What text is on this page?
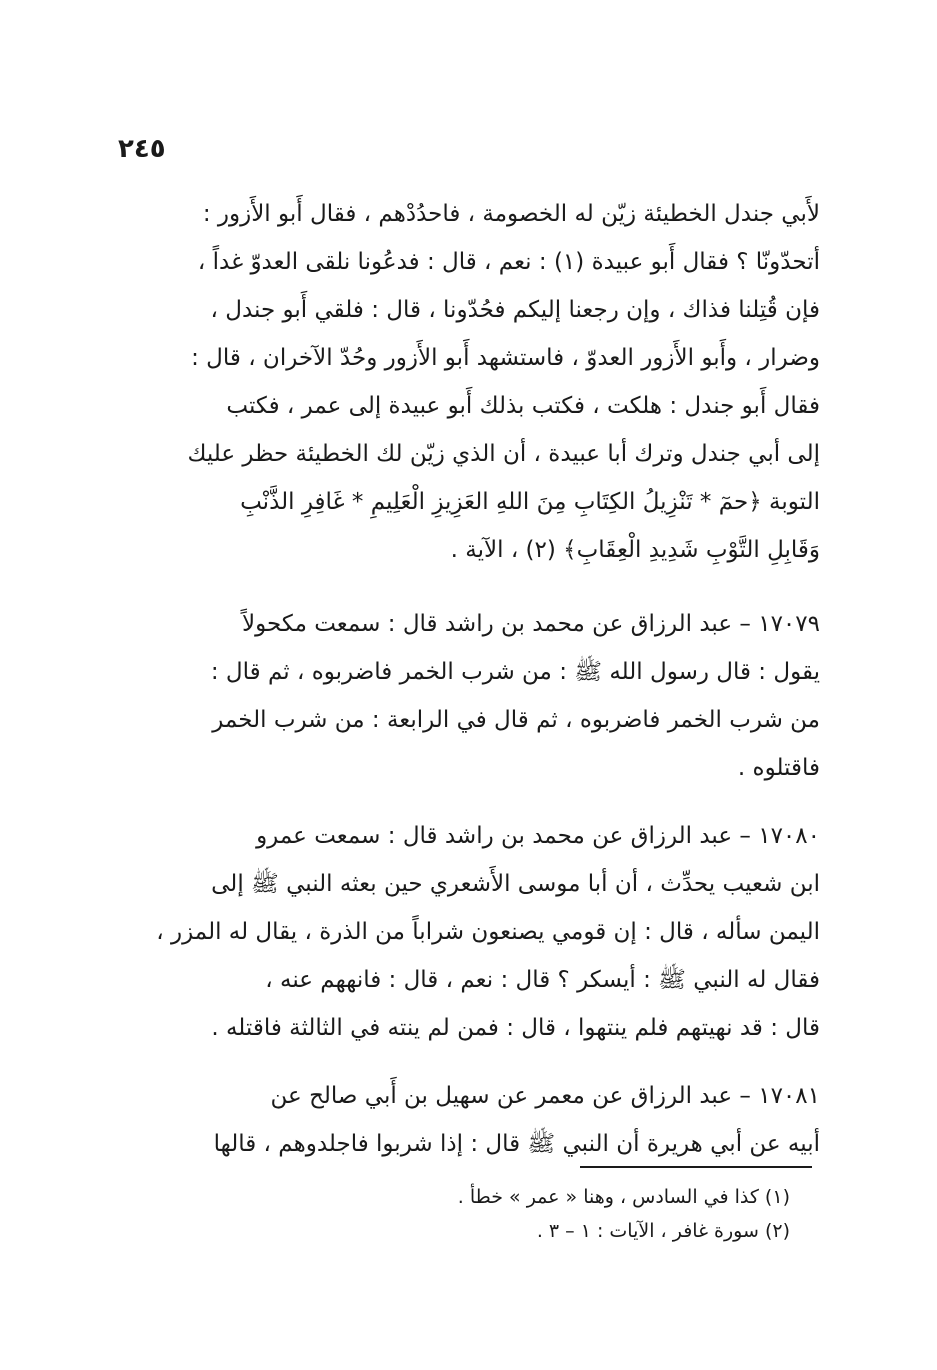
٢٤٥
لأَبي جندل الخطيئة زيّن له الخصومة ، فاحدُدْهم ، فقال أَبو الأَزور :
أتحدّونّا ؟ فقال أَبو عبيدة (١) : نعم ، قال : فدعُونا نلقى العدوّ غداً ،
فإن قُتِلنا فذاك ، وإن رجعنا إليكم فحُدّونا ، قال : فلقي أَبو جندل ،
وضرار ، وأَبو الأَزور العدوّ ، فاستشهد أَبو الأَزور وحُدّ الآخران ، قال :
فقال أَبو جندل : هلكت ، فكتب بذلك أَبو عبيدة إلى عمر ، فكتب
إلى أبي جندل وترك أبا عبيدة ، أن الذي زيّن لك الخطيئة حظر عليك
التوبة ﴿حمٓ * تَنْزِيلُ الكِتَابِ مِنَ اللهِ العَزِيزِ الْعَلِيمِ * غَافِرِ الذَّنْبِ
وَقَابِلِ التَّوْبِ شَدِيدِ الْعِقَابِ﴾ (٢) ، الآية .
١٧٠٧٩ – عبد الرزاق عن محمد بن راشد قال : سمعت مكحولاً
يقول : قال رسول الله ﷺ : من شرب الخمر فاضربوه ، ثم قال :
من شرب الخمر فاضربوه ، ثم قال في الرابعة : من شرب الخمر
فاقتلوه .
١٧٠٨٠ – عبد الرزاق عن محمد بن راشد قال : سمعت عمرو
ابن شعيب يحدِّث ، أن أبا موسى الأَشعري حين بعثه النبي ﷺ إلى
اليمن سأله ، قال : إن قومي يصنعون شراباً من الذرة ، يقال له المزر ،
فقال له النبي ﷺ : أيسكر ؟ قال : نعم ، قال : فانههم عنه ،
قال : قد نهيتهم فلم ينتهوا ، قال : فمن لم ينته في الثالثة فاقتله .
١٧٠٨١ – عبد الرزاق عن معمر عن سهيل بن أَبي صالح عن
أبيه عن أبي هريرة أن النبي ﷺ قال : إذا شربوا فاجلدوهم ، قالها
(١) كذا في السادس ، وهنا « عمر » خطأ .
(٢) سورة غافر ، الآيات : ١ – ٣ .
